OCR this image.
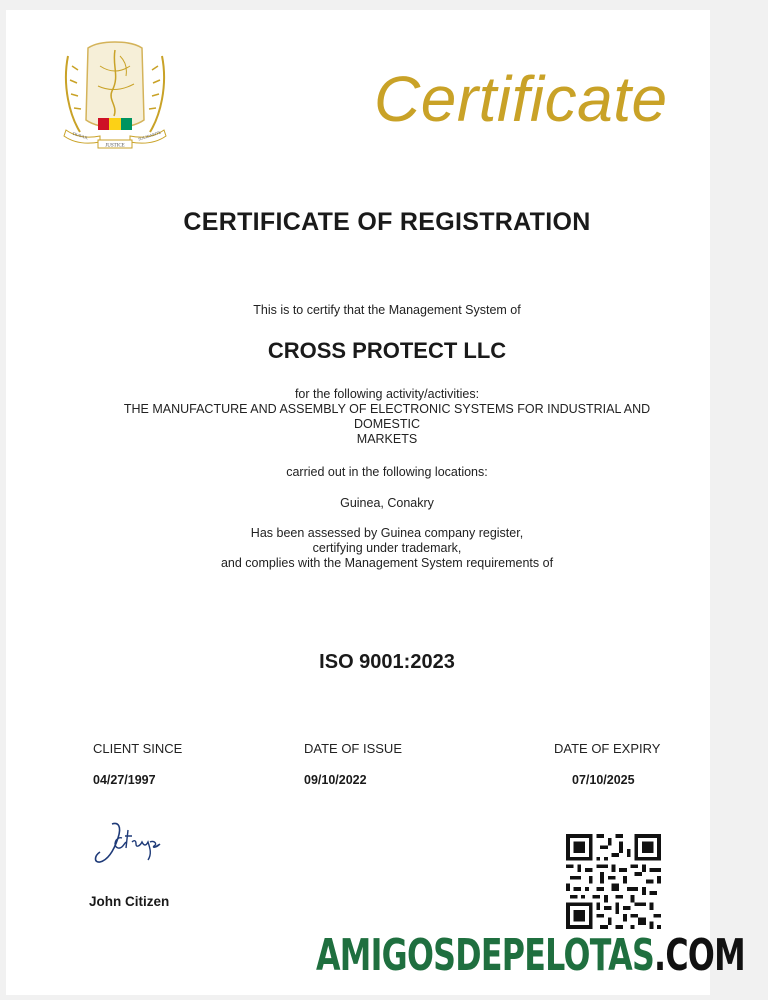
JUSTICE
TRAVAIL	SOLIDARITE
Certificate
CERTIFICATE OF REGISTRATION
This is to certify that the Management System of
CROSS PROTECT LLC
for the following activity/activities:
THE MANUFACTURE AND ASSEMBLY OF ELECTRONIC SYSTEMS FOR INDUSTRIAL AND
DOMESTIC
MARKETS
carried out in the following locations:
Guinea, Conakry
Has been assessed by Guinea company register,
certifying under trademark,
and complies with the Management System requirements of
ISO 9001:2023
CLIENT SINCE	DATE OF ISSUE	DATE OF EXPIRY
04/27/1997	09/10/2022	07/10/2025
John Citizen
AMIGOSDEPELOTAS.COM
